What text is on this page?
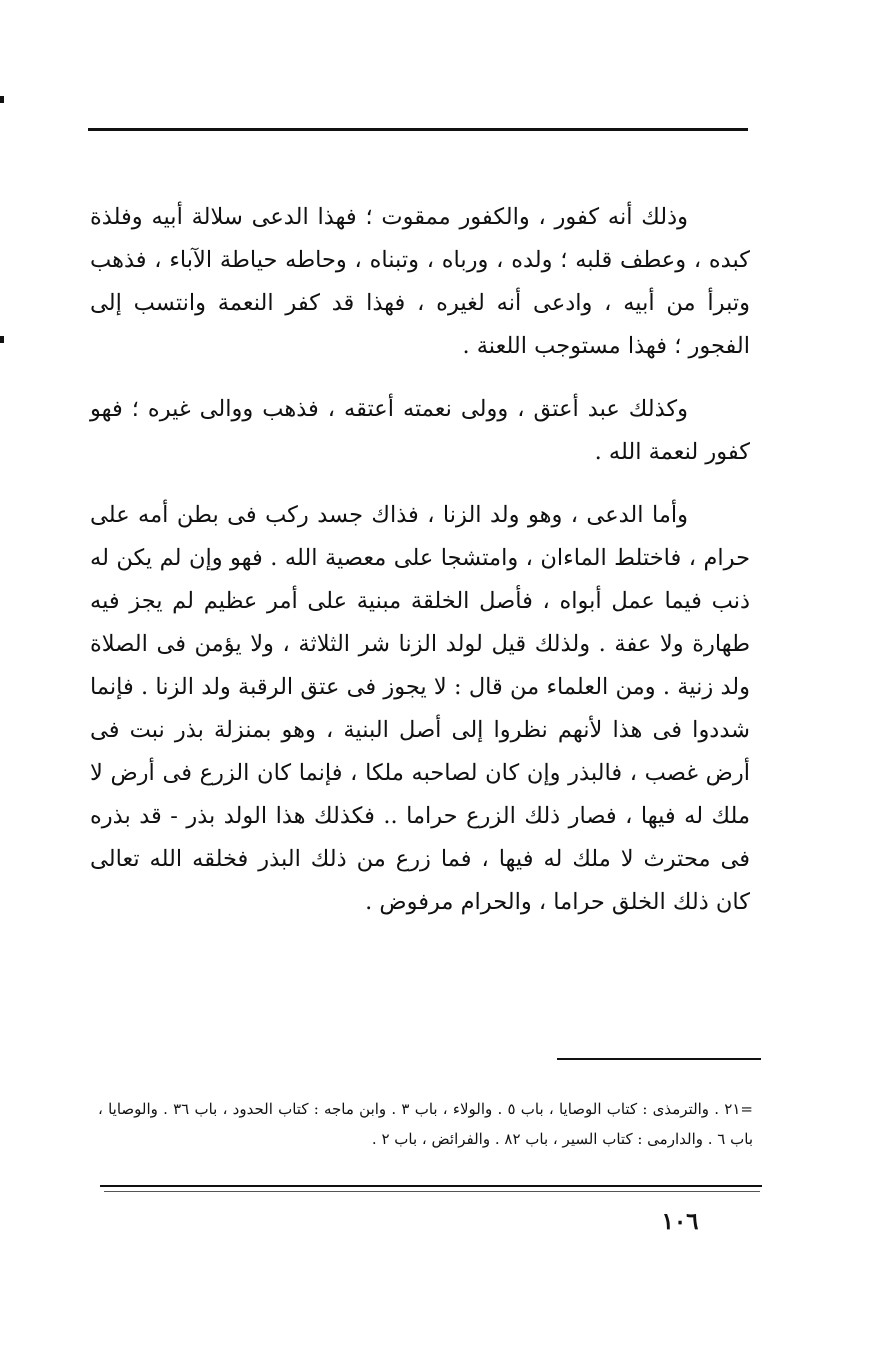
وذلك أنه كفور ، والكفور ممقوت ؛ فهذا الدعى سلالة أبيه وفلذة كبده ، وعطف قلبه ؛ ولده ، ورباه ، وتبناه ، وحاطه حياطة الآباء ، فذهب وتبرأ من أبيه ، وادعى أنه لغيره ، فهذا قد كفر النعمة وانتسب إلى الفجور ؛ فهذا مستوجب اللعنة .

وكذلك عبد أعتق ، وولى نعمته أعتقه ، فذهب ووالى غيره ؛ فهو كفور لنعمة الله .

وأما الدعى ، وهو ولد الزنا ، فذاك جسد ركب فى بطن أمه على حرام ، فاختلط الماءان ، وامتشجا على معصية الله . فهو وإن لم يكن له ذنب فيما عمل أبواه ، فأصل الخلقة مبنية على أمر عظيم لم يجز فيه طهارة ولا عفة . ولذلك قيل لولد الزنا شر الثلاثة ، ولا يؤمن فى الصلاة ولد زنية . ومن العلماء من قال : لا يجوز فى عتق الرقبة ولد الزنا . فإنما شددوا فى هذا لأنهم نظروا إلى أصل البنية ، وهو بمنزلة بذر نبت فى أرض غصب ، فالبذر وإن كان لصاحبه ملكا ، فإنما كان الزرع فى أرض لا ملك له فيها ، فصار ذلك الزرع حراما .. فكذلك هذا الولد بذر - قد بذره فى محترث لا ملك له فيها ، فما زرع من ذلك البذر فخلقه الله تعالى كان ذلك الخلق حراما ، والحرام مرفوض .

=٢١ . والترمذى : كتاب الوصايا ، باب ٥ . والولاء ، باب ٣ . وابن ماجه : كتاب الحدود ، باب ٣٦ . والوصايا ، باب ٦ . والدارمى : كتاب السير ، باب ٨٢ . والفرائض ، باب ٢ .
١٠٦
